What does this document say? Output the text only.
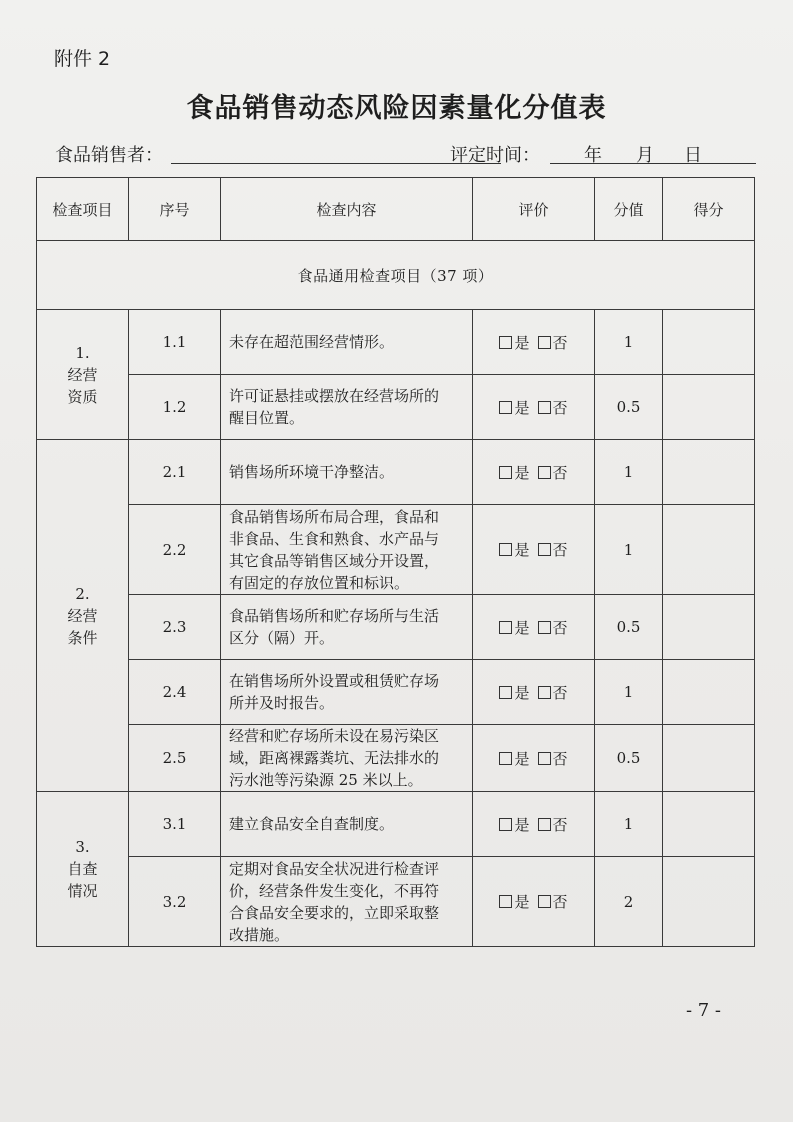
附件 2
食品销售动态风险因素量化分值表
食品销售者：	评定时间： 年 月 日
检查项目	序号	检查内容	评价	分值	得分
食品通用检查项目（37 项）					

1.
经营
资质	1.1	未存在超范围经营情形。	是 否	1	
	1.2	许可证悬挂或摆放在经营场所的
醒目位置。	是 否	0.5	

2.
经营
条件	2.1	销售场所环境干净整洁。	是 否	1	
	2.2	食品销售场所布局合理，食品和
非食品、生食和熟食、水产品与
其它食品等销售区域分开设置，
有固定的存放位置和标识。	是 否	1	
	2.3	食品销售场所和贮存场所与生活
区分（隔）开。	是 否	0.5	
	2.4	在销售场所外设置或租赁贮存场
所并及时报告。	是 否	1	
	2.5	经营和贮存场所未设在易污染区
域，距离裸露粪坑、无法排水的
污水池等污染源 25 米以上。	是 否	0.5	

3.
自查
情况	3.1	建立食品安全自查制度。	是 否	1	
	3.2	定期对食品安全状况进行检查评
价，经营条件发生变化，不再符
合食品安全要求的，立即采取整
改措施。	是 否	2	
- 7 -
